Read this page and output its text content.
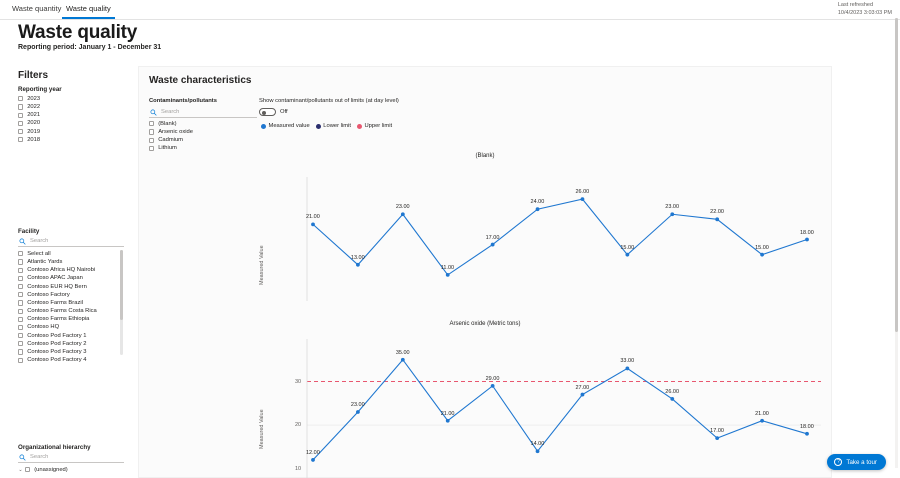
Waste quantity Waste quality	Last refreshed
10/4/2023 3:03:03 PM
Waste quality
Reporting period: January 1 - December 31
Filters
Reporting year
2023
2022
2021
2020
2019
2018
Facility
Search
Select all
Atlantic Yards
Contoso Africa HQ Nairobi
Contoso APAC Japan
Contoso EUR HQ Bern
Contoso Factory
Contoso Farms Brazil
Contoso Farms Costa Rica
Contoso Farms Ethiopia
Contoso HQ
Contoso Pod Factory 1
Contoso Pod Factory 2
Contoso Pod Factory 3
Contoso Pod Factory 4
Organizational hierarchy
Search
⌄ (unassigned)
Waste characteristics
Contaminants/pollutants
Search
(Blank)
Arsenic oxide
Cadmium
Lithium
Show contaminant/pollutants out of limits (at day level)
Off
Measured value Lower limit Upper limit
(Blank)
Measured Value
21.00
13.00
23.00
11.00
17.00
24.00
26.00
15.00
23.00
22.00
15.00
18.00
Arsenic oxide (Metric tons)
Measured Value
12.00
23.00
35.00
21.00
29.00
14.00
27.00
33.00
26.00
17.00
21.00
18.00
10
20
30
?	Take a tour
